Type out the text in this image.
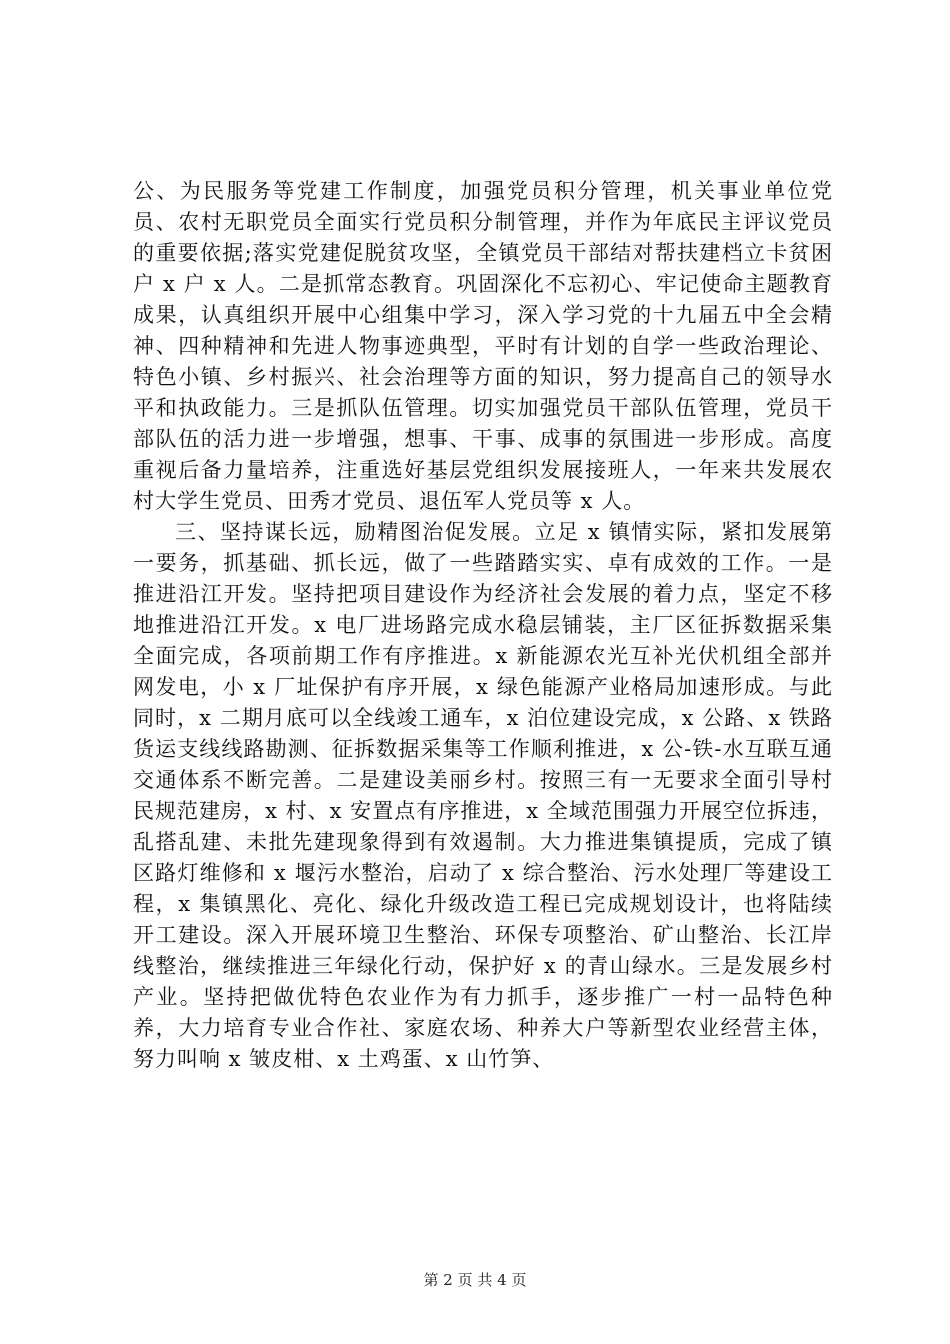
公、为民服务等党建工作制度，加强党员积分管理，机关事业单位党员、农村无职党员全面实行党员积分制管理，并作为年底民主评议党员的重要依据;落实党建促脱贫攻坚，全镇党员干部结对帮扶建档立卡贫困户 x 户 x 人。二是抓常态教育。巩固深化不忘初心、牢记使命主题教育成果，认真组织开展中心组集中学习，深入学习党的十九届五中全会精神、四种精神和先进人物事迹典型，平时有计划的自学一些政治理论、特色小镇、乡村振兴、社会治理等方面的知识，努力提高自己的领导水平和执政能力。三是抓队伍管理。切实加强党员干部队伍管理，党员干部队伍的活力进一步增强，想事、干事、成事的氛围进一步形成。高度重视后备力量培养，注重选好基层党组织发展接班人，一年来共发展农村大学生党员、田秀才党员、退伍军人党员等 x 人。

三、坚持谋长远，励精图治促发展。立足 x 镇情实际，紧扣发展第一要务，抓基础、抓长远，做了一些踏踏实实、卓有成效的工作。一是推进沿江开发。坚持把项目建设作为经济社会发展的着力点，坚定不移地推进沿江开发。x 电厂进场路完成水稳层铺装，主厂区征拆数据采集全面完成，各项前期工作有序推进。x 新能源农光互补光伏机组全部并网发电，小 x 厂址保护有序开展，x 绿色能源产业格局加速形成。与此同时，x 二期月底可以全线竣工通车，x 泊位建设完成，x 公路、x 铁路货运支线线路勘测、征拆数据采集等工作顺利推进，x 公-铁-水互联互通交通体系不断完善。二是建设美丽乡村。按照三有一无要求全面引导村民规范建房，x 村、x 安置点有序推进，x 全域范围强力开展空位拆违，乱搭乱建、未批先建现象得到有效遏制。大力推进集镇提质，完成了镇区路灯维修和 x 堰污水整治，启动了 x 综合整治、污水处理厂等建设工程，x 集镇黑化、亮化、绿化升级改造工程已完成规划设计，也将陆续开工建设。深入开展环境卫生整治、环保专项整治、矿山整治、长江岸线整治，继续推进三年绿化行动，保护好 x 的青山绿水。三是发展乡村产业。坚持把做优特色农业作为有力抓手，逐步推广一村一品特色种养，大力培育专业合作社、家庭农场、种养大户等新型农业经营主体，努力叫响 x 皱皮柑、x 土鸡蛋、x 山竹笋、

第 2 页 共 4 页
